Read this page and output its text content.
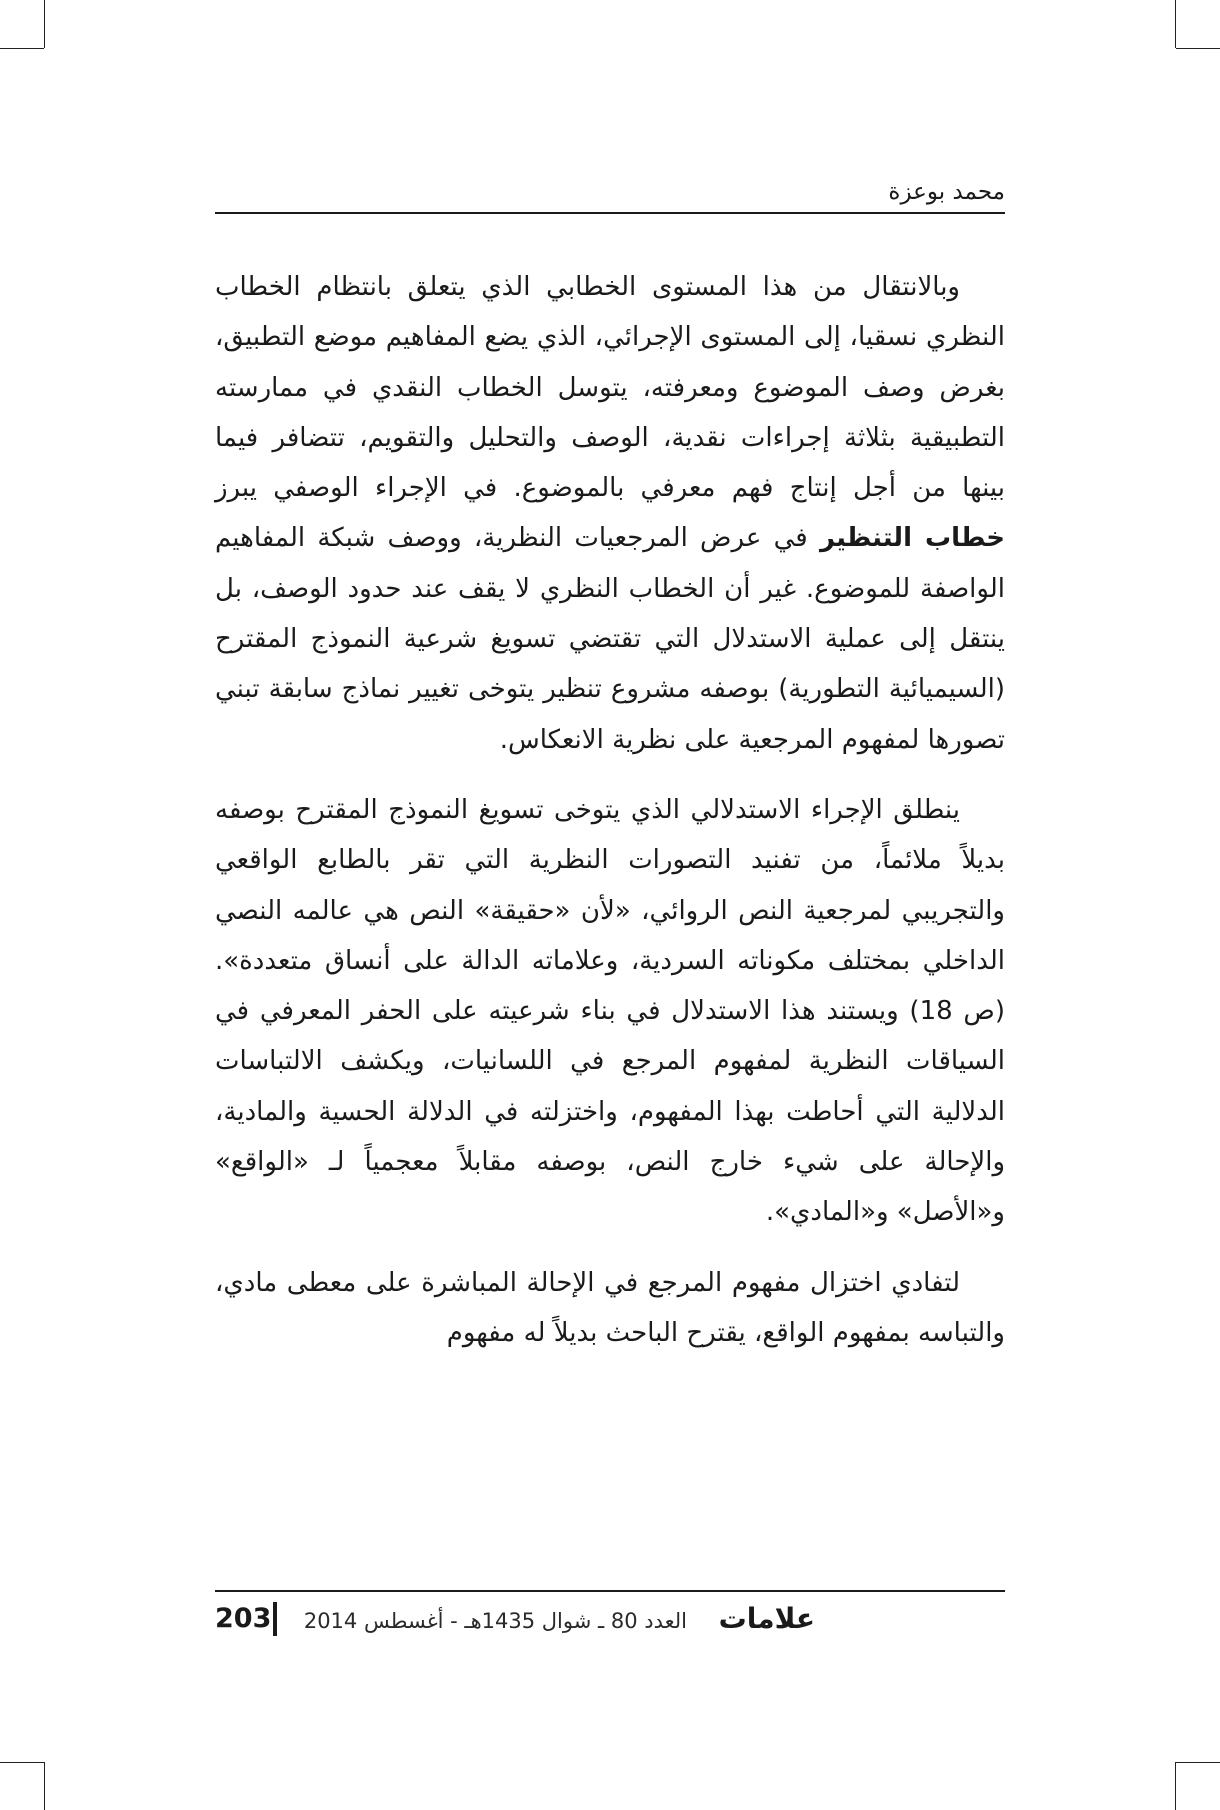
محمد بوعزة

وبالانتقال من هذا المستوى الخطابي الذي يتعلق بانتظام الخطاب النظري نسقيا، إلى المستوى الإجرائي، الذي يضع المفاهيم موضع التطبيق، بغرض وصف الموضوع ومعرفته، يتوسل الخطاب النقدي في ممارسته التطبيقية بثلاثة إجراءات نقدية، الوصف والتحليل والتقويم، تتضافر فيما بينها من أجل إنتاج فهم معرفي بالموضوع. في الإجراء الوصفي يبرز خطاب التنظير في عرض المرجعيات النظرية، ووصف شبكة المفاهيم الواصفة للموضوع. غير أن الخطاب النظري لا يقف عند حدود الوصف، بل ينتقل إلى عملية الاستدلال التي تقتضي تسويغ شرعية النموذج المقترح (السيميائية التطورية) بوصفه مشروع تنظير يتوخى تغيير نماذج سابقة تبني تصورها لمفهوم المرجعية على نظرية الانعكاس.

ينطلق الإجراء الاستدلالي الذي يتوخى تسويغ النموذج المقترح بوصفه بديلاً ملائماً، من تفنيد التصورات النظرية التي تقر بالطابع الواقعي والتجريبي لمرجعية النص الروائي، «لأن «حقيقة» النص هي عالمه النصي الداخلي بمختلف مكوناته السردية، وعلاماته الدالة على أنساق متعددة». (ص 18) ويستند هذا الاستدلال في بناء شرعيته على الحفر المعرفي في السياقات النظرية لمفهوم المرجع في اللسانيات، ويكشف الالتباسات الدلالية التي أحاطت بهذا المفهوم، واختزلته في الدلالة الحسية والمادية، والإحالة على شيء خارج النص، بوصفه مقابلاً معجمياً لـ «الواقع» و«الأصل» و«المادي».

لتفادي اختزال مفهوم المرجع في الإحالة المباشرة على معطى مادي، والتباسه بمفهوم الواقع، يقترح الباحث بديلاً له مفهوم

علامات
العدد 80 ـ شوال 1435هـ - أغسطس 2014
203
